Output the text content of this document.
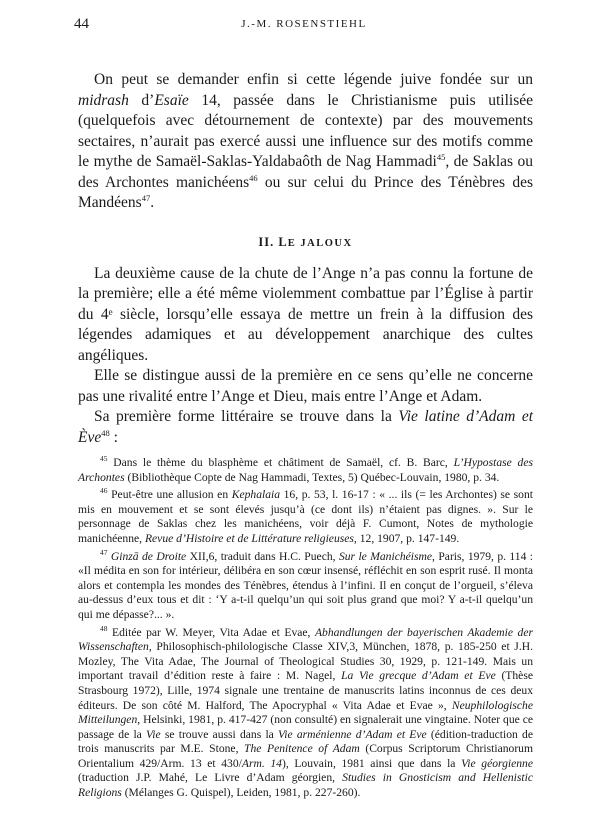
44	J.-M. ROSENSTIEHL

On peut se demander enfin si cette légende juive fondée sur un midrash d’Esaïe 14, passée dans le Christianisme puis utilisée (quelquefois avec détournement de contexte) par des mouvements sectaires, n’aurait pas exercé aussi une influence sur des motifs comme le mythe de Samaël-Saklas-Yaldabaôth de Nag Hammadi$^{45}$, de Saklas ou des Archontes manichéens$^{46}$ ou sur celui du Prince des Ténèbres des Mandéens$^{47}$.

II. LE JALOUX

La deuxième cause de la chute de l’Ange n’a pas connu la fortune de la première; elle a été même violemment combattue par l’Église à partir du 4ᵉ siècle, lorsqu’elle essaya de mettre un frein à la diffusion des légendes adamiques et au développement anarchique des cultes angéliques.

Elle se distingue aussi de la première en ce sens qu’elle ne concerne pas une rivalité entre l’Ange et Dieu, mais entre l’Ange et Adam.

Sa première forme littéraire se trouve dans la Vie latine d’Adam et Ève$^{48}$ :

$^{45}$ Dans le thème du blasphème et châtiment de Samaël, cf. B. Barc, L’Hypostase des Archontes (Bibliothèque Copte de Nag Hammadi, Textes, 5) Québec-Louvain, 1980, p. 34.

$^{46}$ Peut-être une allusion en Kephalaia 16, p. 53, l. 16-17 : « ... ils (= les Archontes) se sont mis en mouvement et se sont élevés jusqu’à (ce dont ils) n’étaient pas dignes. ». Sur le personnage de Saklas chez les manichéens, voir déjà F. Cumont, Notes de mythologie manichéenne, Revue d’Histoire et de Littérature religieuses, 12, 1907, p. 147-149.

$^{47}$ Ginzā de Droite XII,6, traduit dans H.C. Puech, Sur le Manichéisme, Paris, 1979, p. 114 : «Il médita en son for intérieur, délibéra en son cœur insensé, réfléchit en son esprit rusé. Il monta alors et contempla les mondes des Ténèbres, étendus à l’infini. Il en conçut de l’orgueil, s’éleva au-dessus d’eux tous et dit : ‘Y a-t-il quelqu’un qui soit plus grand que moi? Y a-t-il quelqu’un qui me dépasse?... ».

$^{48}$ Editée par W. Meyer, Vita Adae et Evae, Abhandlungen der bayerischen Akademie der Wissenschaften, Philosophisch-philologische Classe XIV,3, München, 1878, p. 185-250 et J.H. Mozley, The Vita Adae, The Journal of Theological Studies 30, 1929, p. 121-149. Mais un important travail d’édition reste à faire : M. Nagel, La Vie grecque d’Adam et Eve (Thèse Strasbourg 1972), Lille, 1974 signale une trentaine de manuscrits latins inconnus de ces deux éditeurs. De son côté M. Halford, The Apocryphal « Vita Adae et Evae », Neuphilologische Mitteilungen, Helsinki, 1981, p. 417-427 (non consulté) en signalerait une vingtaine. Noter que ce passage de la Vie se trouve aussi dans la Vie arménienne d’Adam et Eve (édition-traduction de trois manuscrits par M.E. Stone, The Penitence of Adam (Corpus Scriptorum Christianorum Orientalium 429/Arm. 13 et 430/Arm. 14), Louvain, 1981 ainsi que dans la Vie géorgienne (traduction J.P. Mahé, Le Livre d’Adam géorgien, Studies in Gnosticism and Hellenistic Religions (Mélanges G. Quispel), Leiden, 1981, p. 227-260).
